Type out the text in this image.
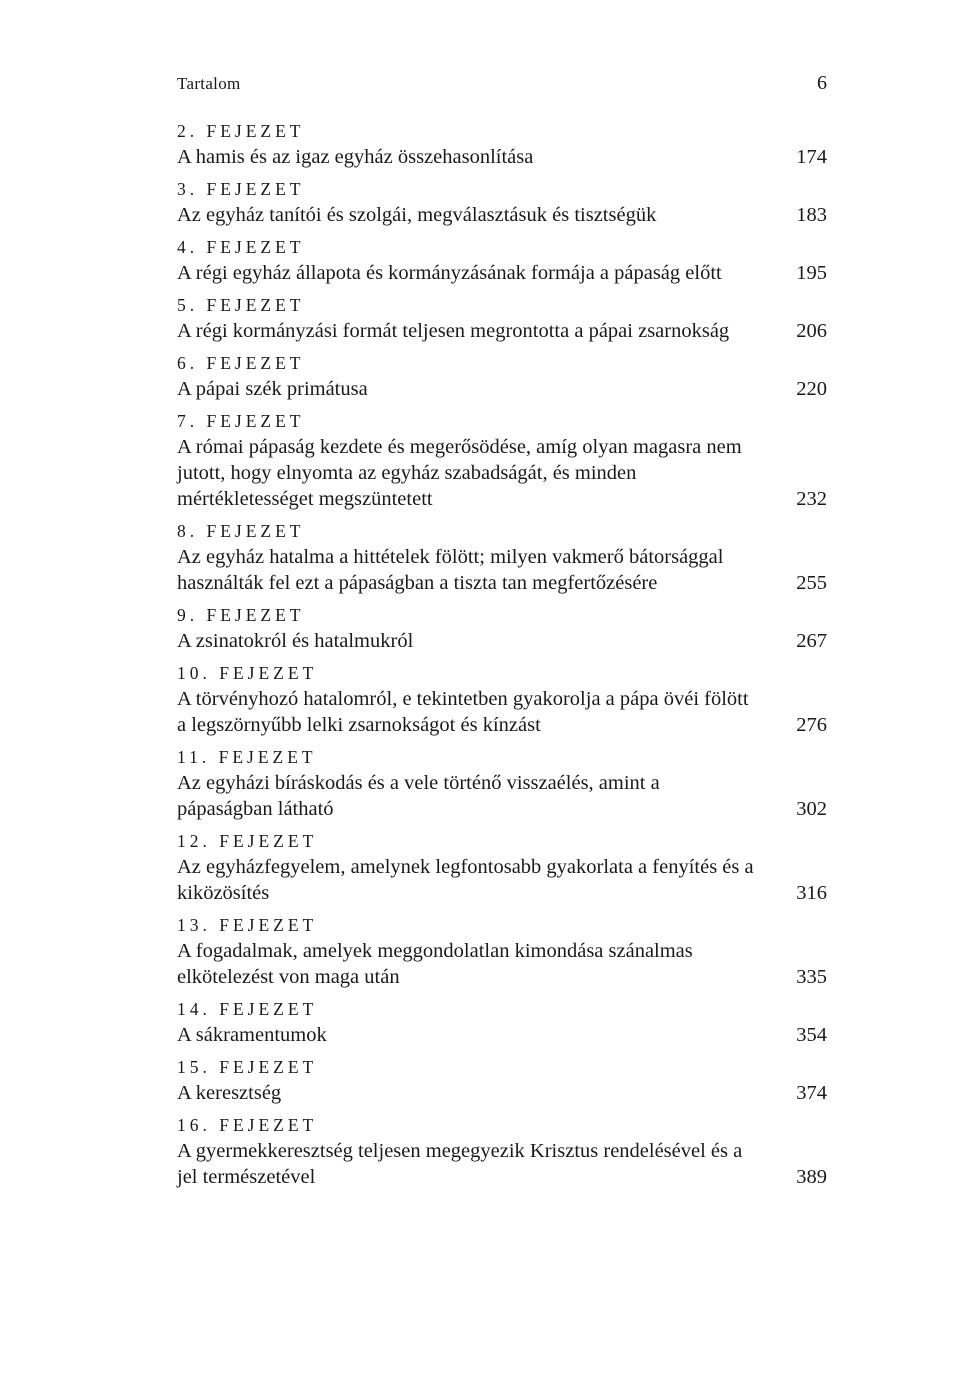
Tartalom	6
2. FEJEZET
A hamis és az igaz egyház összehasonlítása	174
3. FEJEZET
Az egyház tanítói és szolgái, megválasztásuk és tisztségük	183
4. FEJEZET
A régi egyház állapota és kormányzásának formája a pápaság előtt	195
5. FEJEZET
A régi kormányzási formát teljesen megrontotta a pápai zsarnokság	206
6. FEJEZET
A pápai szék primátusa	220
7. FEJEZET
A római pápaság kezdete és megerősödése, amíg olyan magasra nem jutott, hogy elnyomta az egyház szabadságát, és minden mértékletességet megszüntetett	232
8. FEJEZET
Az egyház hatalma a hittételek fölött; milyen vakmerő bátorsággal használták fel ezt a pápaságban a tiszta tan megfertőzésére	255
9. FEJEZET
A zsinatokról és hatalmukról	267
10. FEJEZET
A törvényhozó hatalomról, e tekintetben gyakorolja a pápa övéi fölött a legszörnyűbb lelki zsarnokságot és kínzást	276
11. FEJEZET
Az egyházi bíráskodás és a vele történő visszaélés, amint a pápaságban látható	302
12. FEJEZET
Az egyházfegyelem, amelynek legfontosabb gyakorlata a fenyítés és a kiközösítés	316
13. FEJEZET
A fogadalmak, amelyek meggondolatlan kimondása szánalmas elkötelezést von maga után	335
14. FEJEZET
A sákramentumok	354
15. FEJEZET
A keresztség	374
16. FEJEZET
A gyermekkeresztség teljesen megegyezik Krisztus rendelésével és a jel természetével	389
